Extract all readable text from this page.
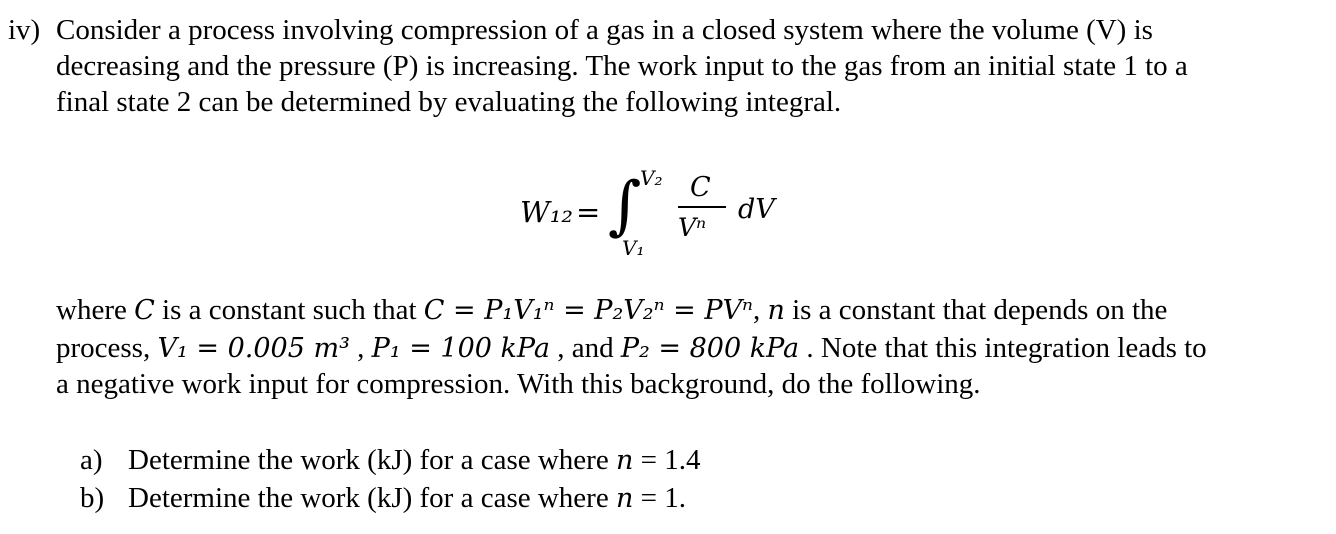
iv) Consider a process involving compression of a gas in a closed system where the volume (V) is
decreasing and the pressure (P) is increasing. The work input to the gas from an initial state 1 to a
final state 2 can be determined by evaluating the following integral.
W₁₂ = ∫
V₂
V₁
C
Vⁿ
dV
where C is a constant such that C = P₁V₁ⁿ = P₂V₂ⁿ = PVⁿ, n is a constant that depends on the
process, V₁ = 0.005 m³ , P₁ = 100 kPa , and P₂ = 800 kPa . Note that this integration leads to
a negative work input for compression. With this background, do the following.
a) Determine the work (kJ) for a case where n = 1.4
b) Determine the work (kJ) for a case where n = 1.
